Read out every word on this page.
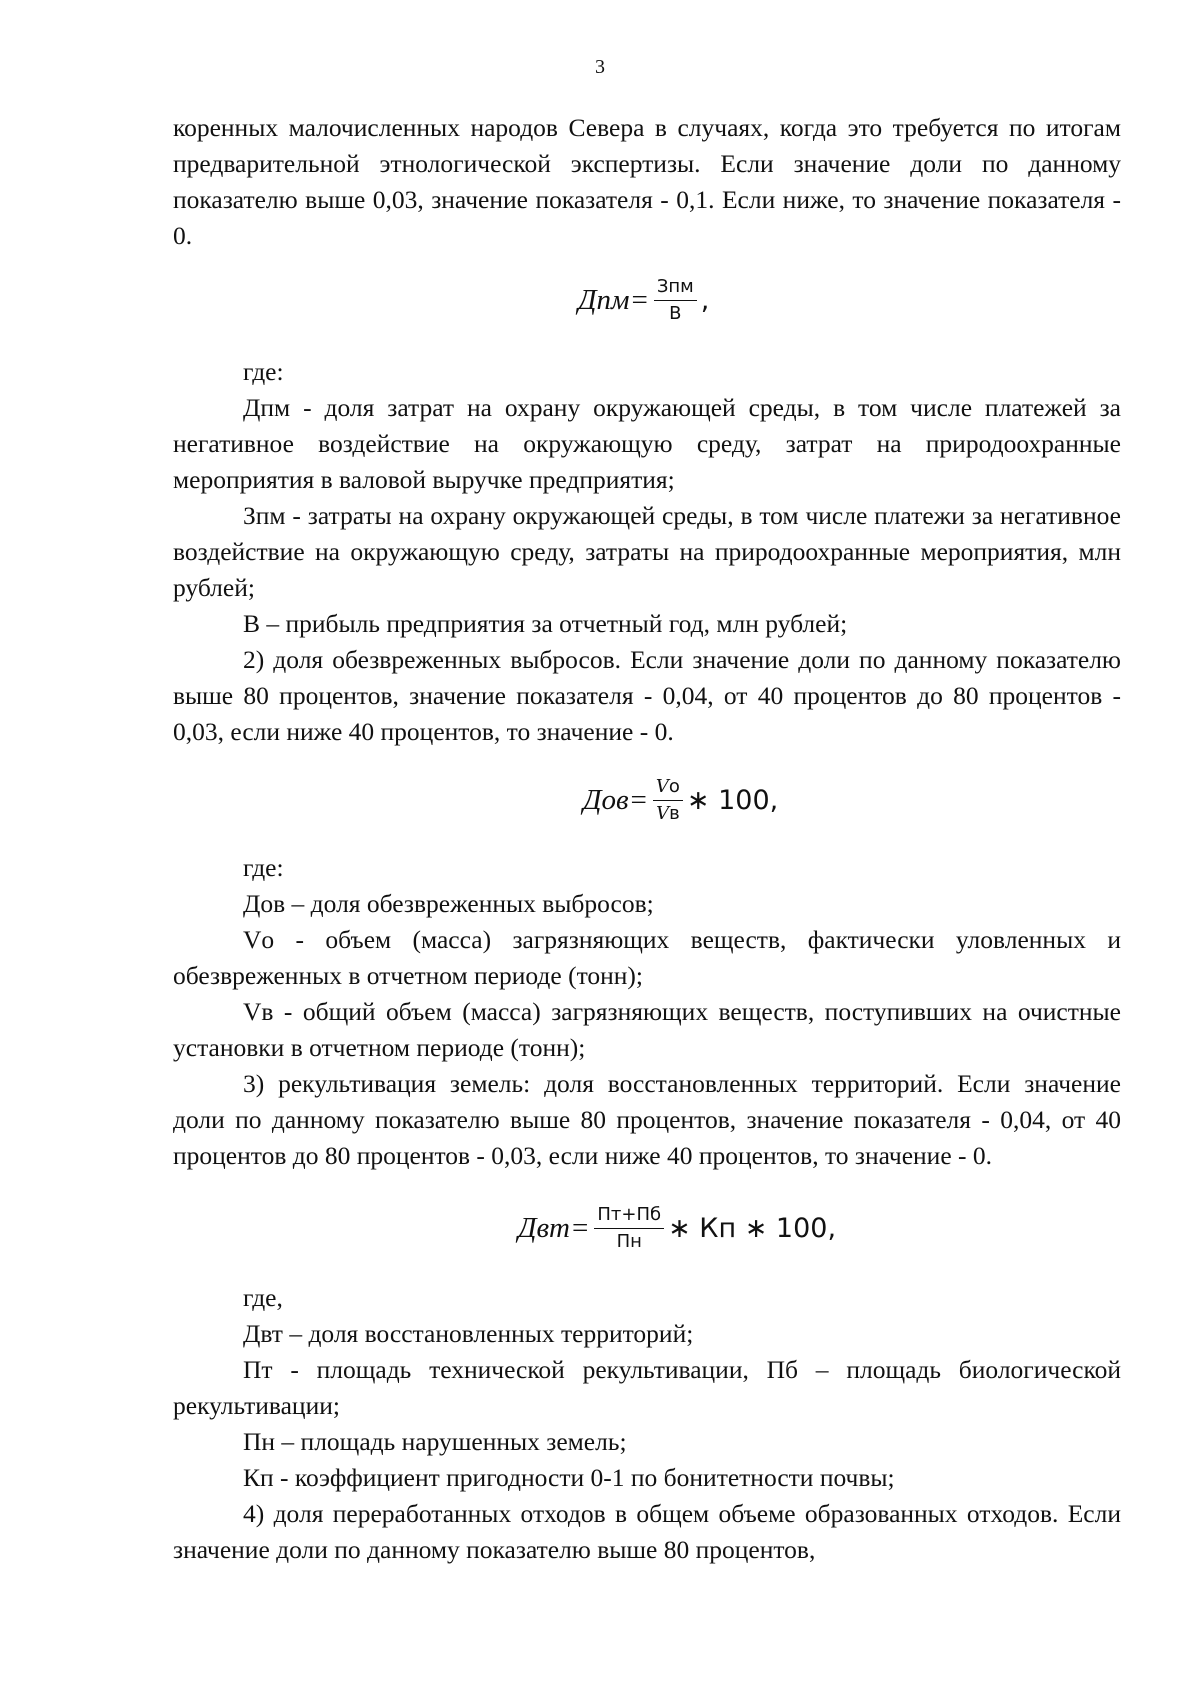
3

коренных малочисленных народов Севера в случаях, когда это требуется по итогам предварительной этнологической экспертизы. Если значение доли по данному показателю выше 0,03, значение показателя - 0,1. Если ниже, то значение показателя - 0.

Дпм = $\frac{\text{Зпм}}{В}$ ,

где:

Дпм - доля затрат на охрану окружающей среды, в том числе платежей за негативное воздействие на окружающую среду, затрат на природоохранные мероприятия в валовой выручке предприятия;

Зпм - затраты на охрану окружающей среды, в том числе платежи за негативное воздействие на окружающую среду, затраты на природоохранные мероприятия, млн рублей;

В – прибыль предприятия за отчетный год, млн рублей;

2) доля обезвреженных выбросов. Если значение доли по данному показателю выше 80 процентов, значение показателя - 0,04, от 40 процентов до 80 процентов - 0,03, если ниже 40 процентов, то значение - 0.

Дов = $\frac{Vо}{Vв}$ ∗ 100,

где:

Дов – доля обезвреженных выбросов;

Vо - объем (масса) загрязняющих веществ, фактически уловленных и обезвреженных в отчетном периоде (тонн);

Vв - общий объем (масса) загрязняющих веществ, поступивших на очистные установки в отчетном периоде (тонн);

3) рекультивация земель: доля восстановленных территорий. Если значение доли по данному показателю выше 80 процентов, значение показателя - 0,04, от 40 процентов до 80 процентов - 0,03, если ниже 40 процентов, то значение - 0.

Двт = $\frac{Пт+Пб}{Пн}$ ∗ Кп ∗ 100,

где,

Двт – доля восстановленных территорий;

Пт - площадь технической рекультивации, Пб – площадь биологической рекультивации;

Пн – площадь нарушенных земель;

Кп - коэффициент пригодности 0-1 по бонитетности почвы;

4) доля переработанных отходов в общем объеме образованных отходов. Если значение доли по данному показателю выше 80 процентов,
